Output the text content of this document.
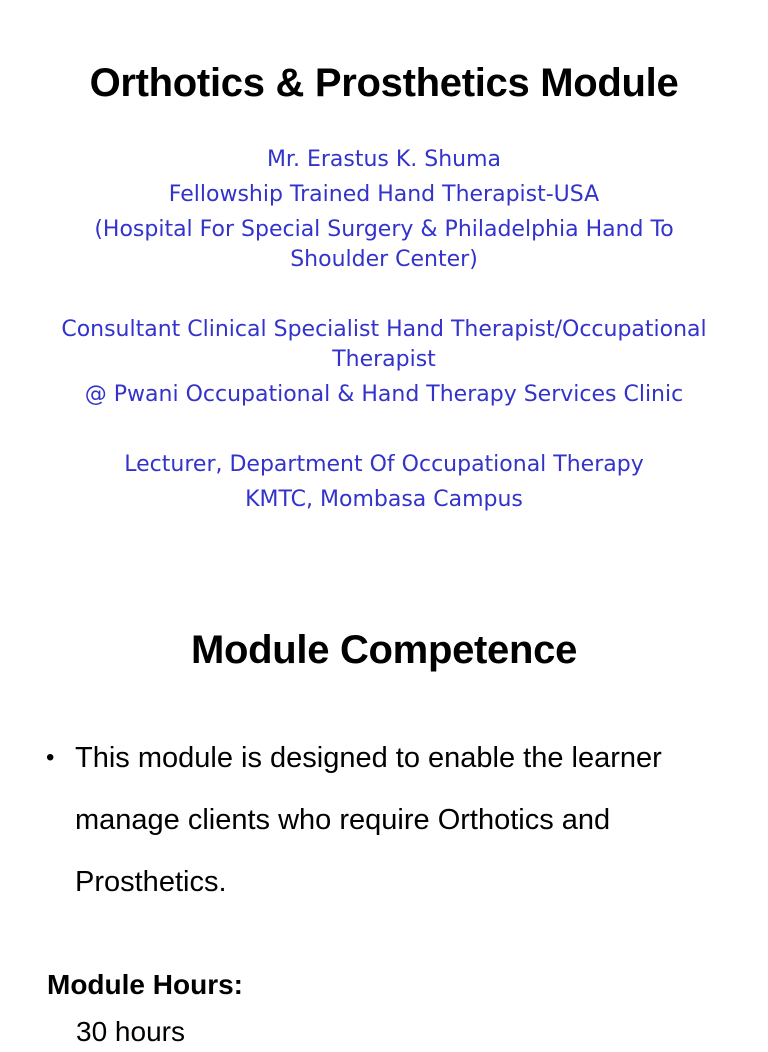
Orthotics & Prosthetics Module

Mr. Erastus K. Shuma

Fellowship Trained Hand Therapist-USA

(Hospital For Special Surgery & Philadelphia Hand To Shoulder Center)

Consultant Clinical Specialist Hand Therapist/Occupational Therapist

@ Pwani Occupational & Hand Therapy Services Clinic

Lecturer, Department Of Occupational Therapy

KMTC, Mombasa Campus

Module Competence
• This module is designed to enable the learner manage clients who require Orthotics and Prosthetics.

Module Hours:

30 hours
